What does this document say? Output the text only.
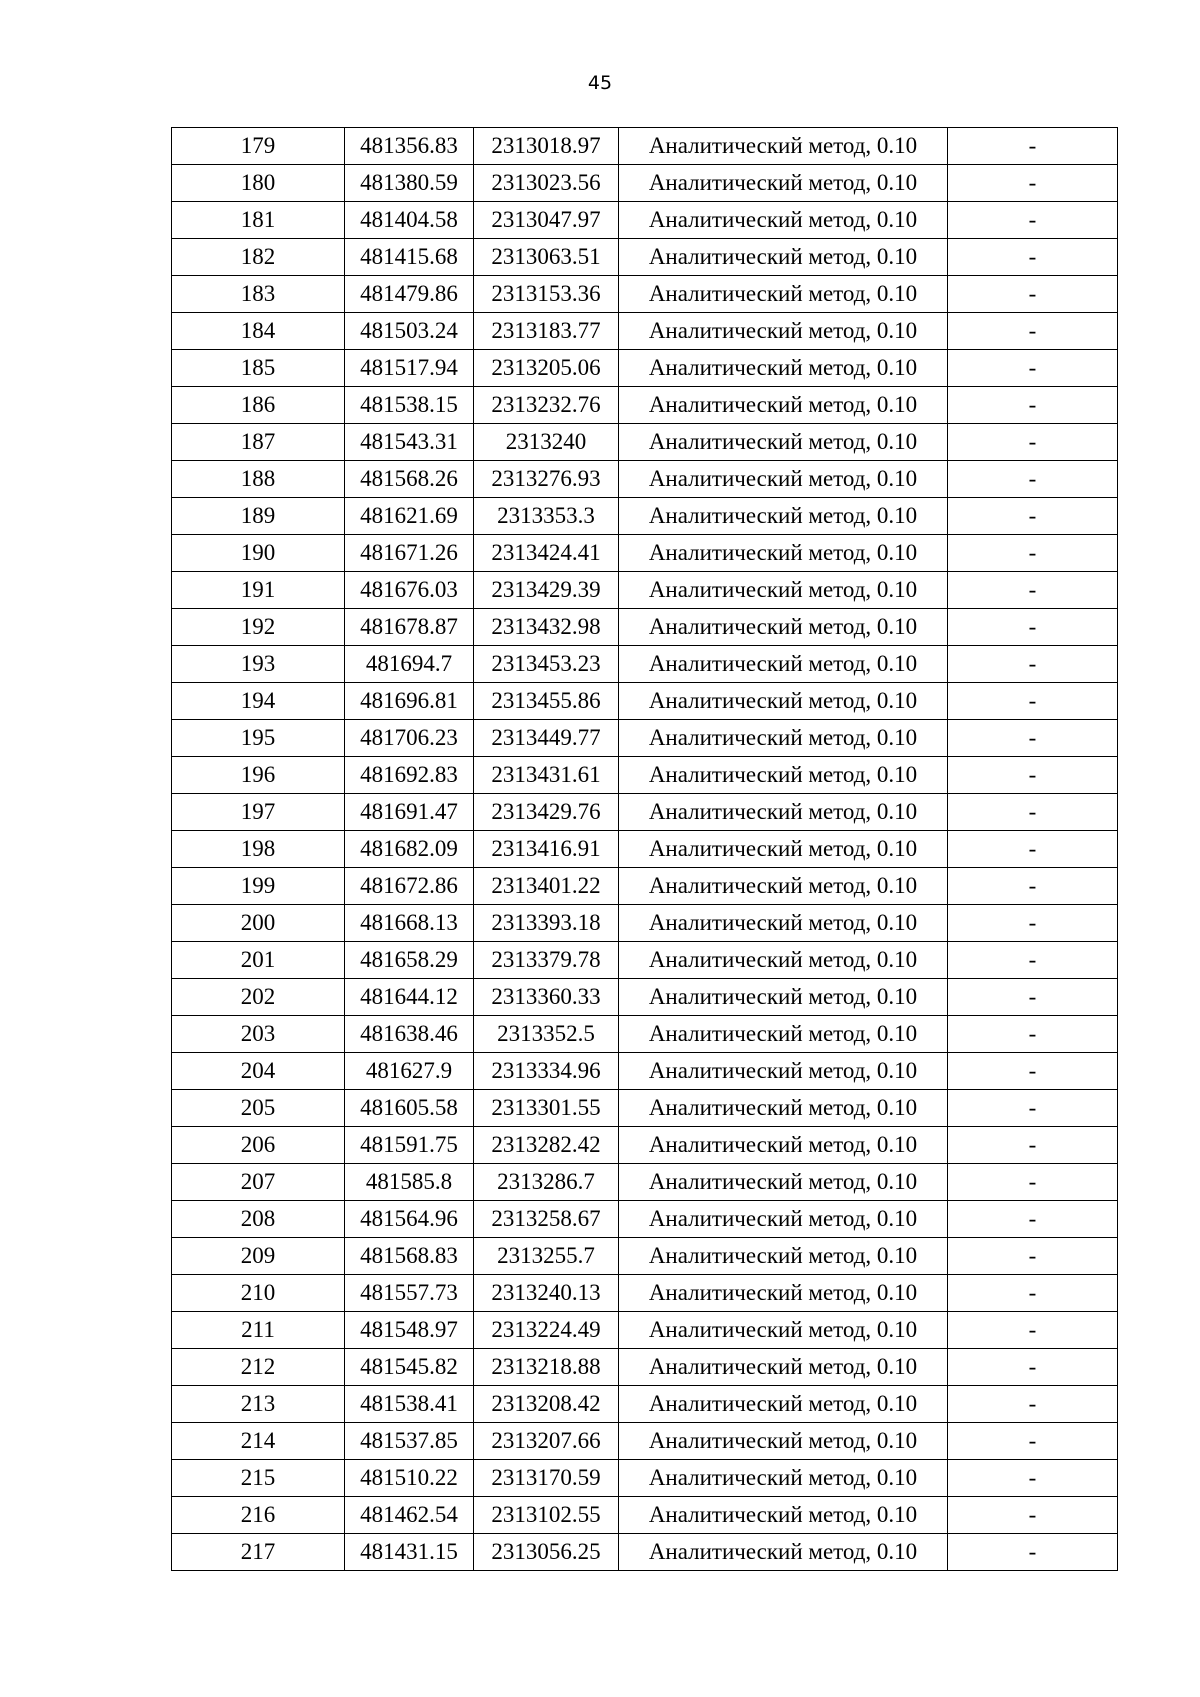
45
179	481356.83	2313018.97	Аналитический метод, 0.10	-
180	481380.59	2313023.56	Аналитический метод, 0.10	-
181	481404.58	2313047.97	Аналитический метод, 0.10	-
182	481415.68	2313063.51	Аналитический метод, 0.10	-
183	481479.86	2313153.36	Аналитический метод, 0.10	-
184	481503.24	2313183.77	Аналитический метод, 0.10	-
185	481517.94	2313205.06	Аналитический метод, 0.10	-
186	481538.15	2313232.76	Аналитический метод, 0.10	-
187	481543.31	2313240	Аналитический метод, 0.10	-
188	481568.26	2313276.93	Аналитический метод, 0.10	-
189	481621.69	2313353.3	Аналитический метод, 0.10	-
190	481671.26	2313424.41	Аналитический метод, 0.10	-
191	481676.03	2313429.39	Аналитический метод, 0.10	-
192	481678.87	2313432.98	Аналитический метод, 0.10	-
193	481694.7	2313453.23	Аналитический метод, 0.10	-
194	481696.81	2313455.86	Аналитический метод, 0.10	-
195	481706.23	2313449.77	Аналитический метод, 0.10	-
196	481692.83	2313431.61	Аналитический метод, 0.10	-
197	481691.47	2313429.76	Аналитический метод, 0.10	-
198	481682.09	2313416.91	Аналитический метод, 0.10	-
199	481672.86	2313401.22	Аналитический метод, 0.10	-
200	481668.13	2313393.18	Аналитический метод, 0.10	-
201	481658.29	2313379.78	Аналитический метод, 0.10	-
202	481644.12	2313360.33	Аналитический метод, 0.10	-
203	481638.46	2313352.5	Аналитический метод, 0.10	-
204	481627.9	2313334.96	Аналитический метод, 0.10	-
205	481605.58	2313301.55	Аналитический метод, 0.10	-
206	481591.75	2313282.42	Аналитический метод, 0.10	-
207	481585.8	2313286.7	Аналитический метод, 0.10	-
208	481564.96	2313258.67	Аналитический метод, 0.10	-
209	481568.83	2313255.7	Аналитический метод, 0.10	-
210	481557.73	2313240.13	Аналитический метод, 0.10	-
211	481548.97	2313224.49	Аналитический метод, 0.10	-
212	481545.82	2313218.88	Аналитический метод, 0.10	-
213	481538.41	2313208.42	Аналитический метод, 0.10	-
214	481537.85	2313207.66	Аналитический метод, 0.10	-
215	481510.22	2313170.59	Аналитический метод, 0.10	-
216	481462.54	2313102.55	Аналитический метод, 0.10	-
217	481431.15	2313056.25	Аналитический метод, 0.10	-
